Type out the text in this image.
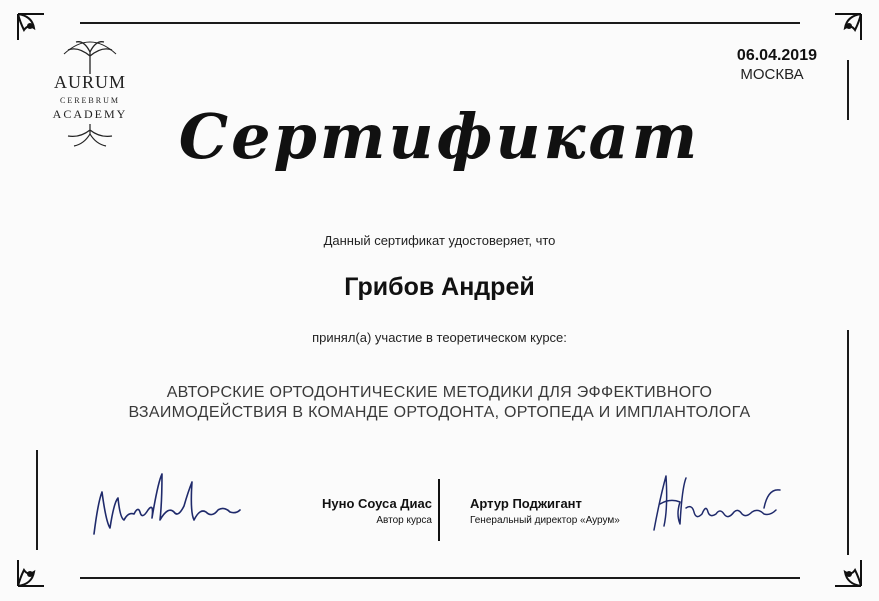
AURUM
CEREBRUM
ACADEMY
06.04.2019
МОСКВА
Сертификат
Данный сертификат удостоверяет, что
Грибов Андрей
принял(а) участие в теоретическом курсе:
АВТОРСКИЕ ОРТОДОНТИЧЕСКИЕ МЕТОДИКИ ДЛЯ ЭФФЕКТИВНОГО
ВЗАИМОДЕЙСТВИЯ В КОМАНДЕ ОРТОДОНТА, ОРТОПЕДА И ИМПЛАНТОЛОГА
Нуно Соуса Диас
Автор курса
Артур Поджигант
Генеральный директор «Аурум»
